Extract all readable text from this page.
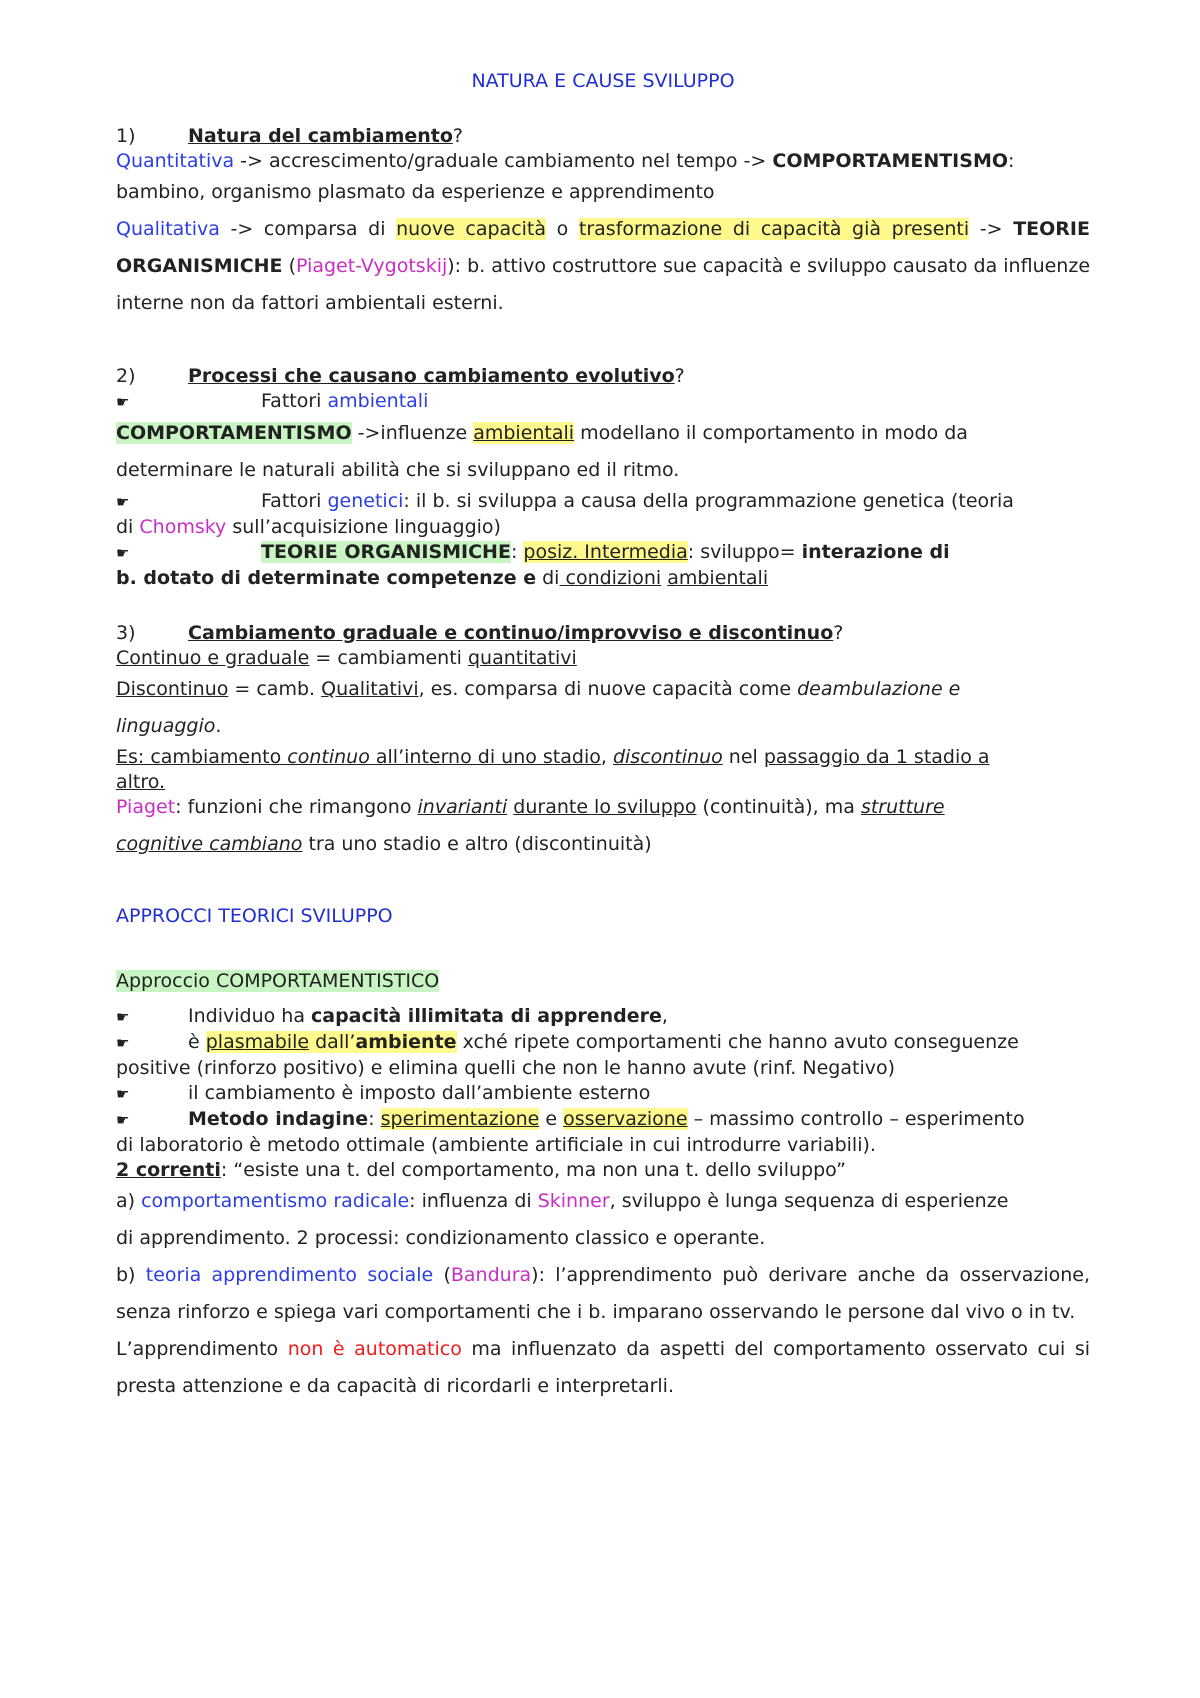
NATURA E CAUSE SVILUPPO

1)	Natura del cambiamento?

Quantitativa -> accrescimento/graduale cambiamento nel tempo -> COMPORTAMENTISMO:

bambino, organismo plasmato da esperienze e apprendimento
Qualitativa -> comparsa di nuove capacità o trasformazione di capacità già presenti -> TEORIE ORGANISMICHE (Piaget-Vygotskij): b. attivo costruttore sue capacità e sviluppo causato da influenze interne non da fattori ambientali esterni.

2)	Processi che causano cambiamento evolutivo?

☛	Fattori ambientali

COMPORTAMENTISMO ->influenze ambientali modellano il comportamento in modo da
determinare le naturali abilità che si sviluppano ed il ritmo.

☛	Fattori genetici: il b. si sviluppa a causa della programmazione genetica (teoria
di Chomsky sull’acquisizione linguaggio)

☛	TEORIE ORGANISMICHE: posiz. Intermedia: sviluppo= interazione di
b. dotato di determinate competenze e di condizioni ambientali

3)	Cambiamento graduale e continuo/improvviso e discontinuo?

Continuo e graduale = cambiamenti quantitativi

Discontinuo = camb. Qualitativi, es. comparsa di nuove capacità come deambulazione e
linguaggio.

Es: cambiamento continuo all’interno di uno stadio, discontinuo nel passaggio da 1 stadio a
altro.

Piaget: funzioni che rimangono invarianti durante lo sviluppo (continuità), ma strutture
cognitive cambiano tra uno stadio e altro (discontinuità)
APPROCCI TEORICI SVILUPPO

Approccio COMPORTAMENTISTICO

☛	Individuo ha capacità illimitata di apprendere,

☛	è plasmabile dall’ambiente xché ripete comportamenti che hanno avuto conseguenze
positive (rinforzo positivo) e elimina quelli che non le hanno avute (rinf. Negativo)

☛	il cambiamento è imposto dall’ambiente esterno

☛	Metodo indagine: sperimentazione e osservazione – massimo controllo – esperimento
di laboratorio è metodo ottimale (ambiente artificiale in cui introdurre variabili).

2 correnti: “esiste una t. del comportamento, ma non una t. dello sviluppo”

a) comportamentismo radicale: influenza di Skinner, sviluppo è lunga sequenza di esperienze
di apprendimento. 2 processi: condizionamento classico e operante.
b) teoria apprendimento sociale (Bandura): l’apprendimento può derivare anche da osservazione, senza rinforzo e spiega vari comportamenti che i b. imparano osservando le persone dal vivo o in tv.
L’apprendimento non è automatico ma influenzato da aspetti del comportamento osservato cui si presta attenzione e da capacità di ricordarli e interpretarli.
